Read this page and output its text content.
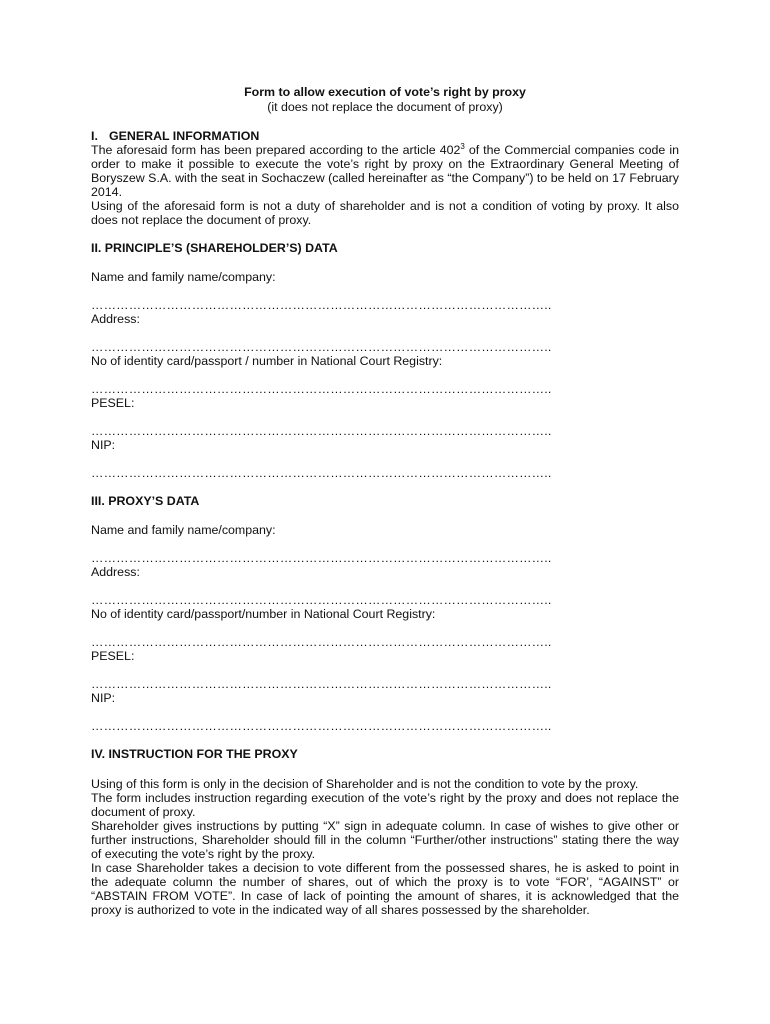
Form to allow execution of vote’s right by proxy
(it does not replace the document of proxy)
I. GENERAL INFORMATION

The aforesaid form has been prepared according to the article $402^3$ of the Commercial companies code in order to make it possible to execute the vote’s right by proxy on the Extraordinary General Meeting of Boryszew S.A. with the seat in Sochaczew (called hereinafter as “the Company”) to be held on 17 February 2014.

Using of the aforesaid form is not a duty of shareholder and is not a condition of voting by proxy. It also does not replace the document of proxy.

II. PRINCIPLE’S (SHAREHOLDER’S) DATA
Name and family name/company:
………………………………………………………………………………………………..
Address:
………………………………………………………………………………………………..
No of identity card/passport / number in National Court Registry:
………………………………………………………………………………………………..
PESEL:
………………………………………………………………………………………………..
NIP:
………………………………………………………………………………………………..
III. PROXY’S DATA
Name and family name/company:
………………………………………………………………………………………………..
Address:
………………………………………………………………………………………………..
No of identity card/passport/number in National Court Registry:
………………………………………………………………………………………………..
PESEL:
………………………………………………………………………………………………..
NIP:
………………………………………………………………………………………………..
IV. INSTRUCTION FOR THE PROXY

Using of this form is only in the decision of Shareholder and is not the condition to vote by the proxy.

The form includes instruction regarding execution of the vote’s right by the proxy and does not replace the document of proxy.

Shareholder gives instructions by putting “X” sign in adequate column. In case of wishes to give other or further instructions, Shareholder should fill in the column “Further/other instructions” stating there the way of executing the vote’s right by the proxy.

In case Shareholder takes a decision to vote different from the possessed shares, he is asked to point in the adequate column the number of shares, out of which the proxy is to vote “FOR’, “AGAINST” or “ABSTAIN FROM VOTE”. In case of lack of pointing the amount of shares, it is acknowledged that the proxy is authorized to vote in the indicated way of all shares possessed by the shareholder.
